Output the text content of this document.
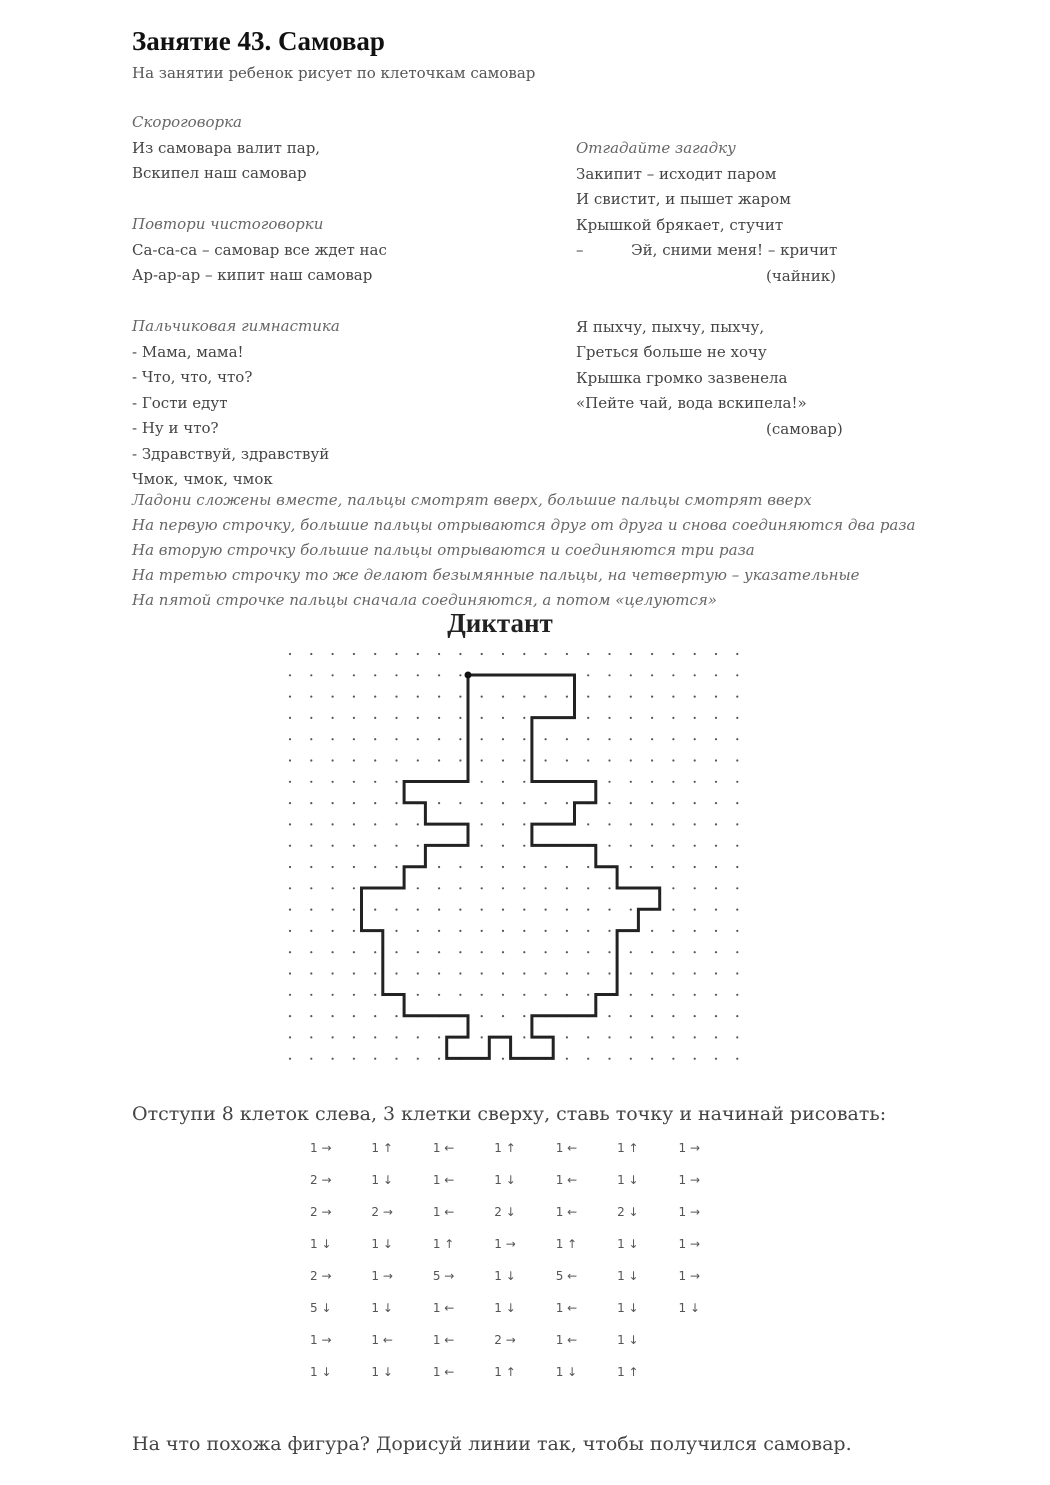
Занятие 43. Самовар
На занятии ребенок рисует по клеточкам самовар
Скороговорка
Из самовара валит пар,
Вскипел наш самовар
Повтори чистоговорки
Са-са-са – самовар все ждет нас
Ар-ар-ар – кипит наш самовар
Пальчиковая гимнастика
- Мама, мама!
- Что, что, что?
- Гости едут
- Ну и что?
- Здравствуй, здравствуй
Чмок, чмок, чмок
Отгадайте загадку
Закипит – исходит паром
И свистит, и пышет жаром
Крышкой брякает, стучит
–          Эй, сними меня! – кричит
(чайник)
Я пыхчу, пыхчу, пыхчу,
Греться больше не хочу
Крышка громко зазвенела
«Пейте чай, вода вскипела!»
(самовар)
Ладони сложены вместе, пальцы смотрят вверх, большие пальцы смотрят вверх
На первую строчку, большие пальцы отрываются друг от друга и снова соединяются два раза
На вторую строчку большие пальцы отрываются и соединяются три раза
На третью строчку то же делают безымянные пальцы, на четвертую – указательные
На пятой строчке пальцы сначала соединяются, а потом «целуются»
Диктант
Отступи 8 клеток слева, 3 клетки сверху, ставь точку и начинай рисовать:
1 →	1 ↑	1 ←	1 ↑	1 ←	1 ↑	1 →
2 →	1 ↓	1 ←	1 ↓	1 ←	1 ↓	1 →
2 →	2 →	1 ←	2 ↓	1 ←	2 ↓	1 →
1 ↓	1 ↓	1 ↑	1 →	1 ↑	1 ↓	1 →
2 →	1 →	5 →	1 ↓	5 ←	1 ↓	1 →
5 ↓	1 ↓	1 ←	1 ↓	1 ←	1 ↓	1 ↓
1 →	1 ←	1 ←	2 →	1 ←	1 ↓	
1 ↓	1 ↓	1 ←	1 ↑	1 ↓	1 ↑	
На что похожа фигура? Дорисуй линии так, чтобы получился самовар.
